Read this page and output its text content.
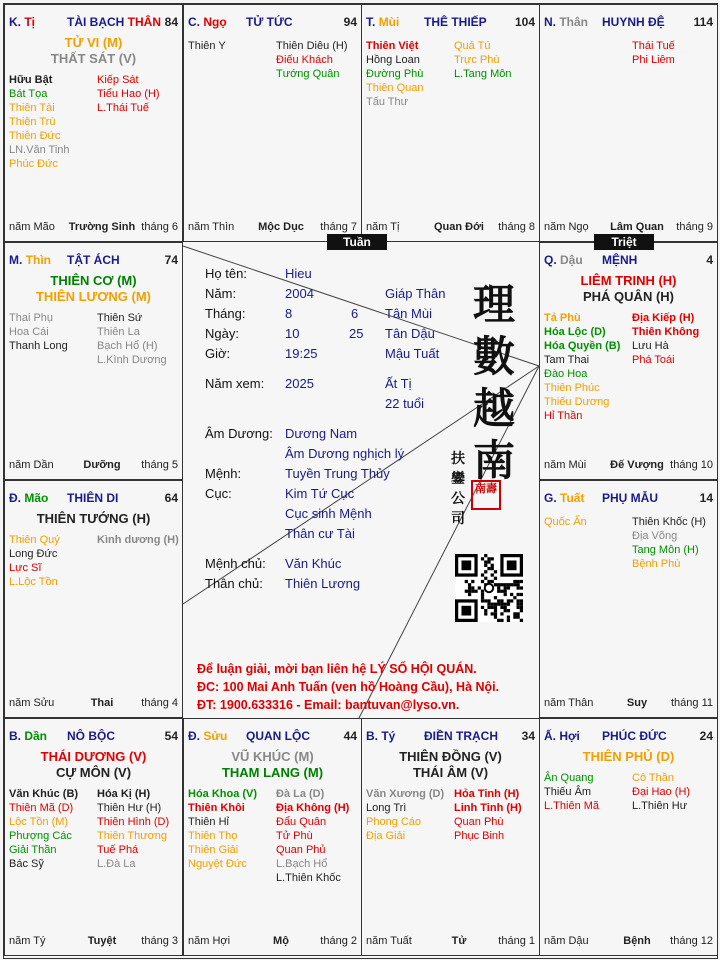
K. Tị	TÀI BẠCH THÂN 84
TỬ VI (M)
THẤT SÁT (V)
Hữu Bật
Bát Tọa
Thiên Tài
Thiên Trù
Thiên Đức
LN.Văn Tinh
Phúc Đức
Kiếp Sát
Tiểu Hao (H)
L.Thái Tuế
năm Mão Trường Sinh tháng 6
C. Ngọ TỬ TỨC	94
Thiên Y	Thiên Diêu (H)
Điếu Khách
Tướng Quân
năm Thìn	Mộc Dục	tháng 7
T. Mùi THÊ THIẾP 104
Thiên Việt
Hồng Loan
Đường Phù
Thiên Quan
Tấu Thư
Quả Tú
Trực Phù
L.Tang Môn
năm Tị	Quan Đới	tháng 8
N. Thân HUYNH ĐỆ 114
Thái Tuế
Phi Liêm
năm Ngọ	Lâm Quan	tháng 9
M. Thìn TẬT ÁCH	74
THIÊN CƠ (M)
THIÊN LƯƠNG (M)
Thai Phụ
Hoa Cái
Thanh Long
Thiên Sứ
Thiên La
Bạch Hổ (H)
L.Kình Dương
năm Dần	Dưỡng	tháng 5
Q. Dậu MỆNH	4
LIÊM TRINH (H)
PHÁ QUÂN (H)
Tả Phù
Hóa Lộc (D)
Hóa Quyền (B)
Tam Thai
Đào Hoa
Thiên Phúc
Thiếu Dương
Hỉ Thần
Địa Kiếp (H)
Thiên Không
Lưu Hà
Phá Toái
năm Mùi	Đế Vượng tháng 10
Đ. Mão THIÊN DI	64
THIÊN TƯỚNG (H)
Thiên Quý
Long Đức
Lực Sĩ
L.Lộc Tồn
Kình dương (H)
năm Sửu	Thai	tháng 4
G. Tuất PHỤ MẪU	14
Quốc Ấn	Thiên Khốc (H)
Địa Võng
Tang Môn (H)
Bệnh Phù
năm Thân	Suy	tháng 11
B. Dần NÔ BỘC	54
THÁI DƯƠNG (V)
CỰ MÔN (V)
Văn Khúc (B)
Thiên Mã (D)
Lộc Tồn (M)
Phượng Các
Giải Thần
Bác Sỹ
Hóa Kị (H)
Thiên Hư (H)
Thiên Hình (D)
Thiên Thương
Tuế Phá
L.Đà La
năm Tý	Tuyệt	tháng 3
Đ. Sửu QUAN LỘC	44
VŨ KHÚC (M)
THAM LANG (M)
Hóa Khoa (V)
Thiên Khôi
Thiên Hỉ
Thiên Thọ
Thiên Giải
Nguyệt Đức
Đà La (D)
Địa Không (H)
Đẩu Quân
Tử Phù
Quan Phủ
L.Bạch Hổ
L.Thiên Khốc
năm Hợi	Mộ	tháng 2
B. Tý ĐIỀN TRẠCH 34
THIÊN ĐỒNG (V)
THÁI ÂM (V)
Văn Xương (D)
Long Trì
Phong Cáo
Địa Giải
Hỏa Tinh (H)
Linh Tinh (H)
Quan Phù
Phục Binh
năm Tuất	Tử	tháng 1
Ấ. Hợi PHÚC ĐỨC	24
THIÊN PHỦ (D)
Ân Quang
Thiếu Âm
L.Thiên Mã
Cô Thần
Đại Hao (H)
L.Thiên Hư
năm Dậu	Bệnh	tháng 12
Tuần	Triệt
Họ tên:	Hieu
Năm:	2004	Giáp Thân
Tháng:	8	6 Tân Mùi
Ngày:	10	25 Tân Dậu
Giờ:	19:25	Mậu Tuất
Năm xem: 2025	Ất Tị
22 tuổi
Âm Dương: Dương Nam
Âm Dương nghịch lý
Mệnh:	Tuyền Trung Thủy
Cục:	Kim Tứ Cục
Cục sinh Mệnh
Thân cư Tài
Mệnh chủ: Văn Khúc
Thân chủ: Thiên Lương
理
數
越
南
扶
鑾
公
司
南壽
Để luận giải, mời bạn liên hệ LÝ SỐ HỘI QUÁN.
ĐC: 100 Mai Anh Tuấn (ven hồ Hoàng Cầu), Hà Nội.
ĐT: 1900.633316 - Email: bantuvan@lyso.vn.
